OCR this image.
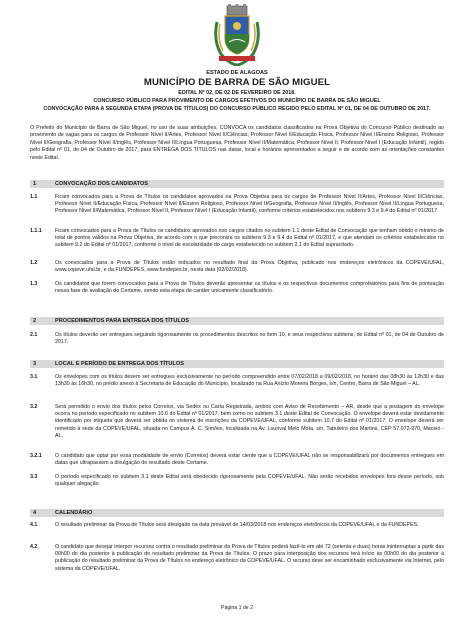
ESTADO DE ALAGOAS
MUNICÍPIO DE BARRA DE SÃO MIGUEL
EDITAL Nº 02, DE 02 DE FEVEREIRO DE 2018.
CONCURSO PÚBLICO PARA PROVIMENTO DE CARGOS EFETIVOS DO MUNICÍPIO DE BARRA DE SÃO MIGUEL
CONVOCAÇÃO PARA A SEGUNDA ETAPA (PROVA DE TÍTULOS) DO CONCURSO PÚBLICO REGIDO PELO EDITAL Nº 01, DE 04 DE OUTUBRO DE 2017.
O Prefeito do Município de Barra de São Miguel, no uso de suas atribuições, CONVOCA os candidatos classificados na Prova Objetiva do Concurso Público destinado ao provimento de vagas para os cargos de Professor Nível II/Artes, Professor Nível II/Ciências, Professor Nível II/Educação Física, Professor Nível II/Ensino Religioso, Professor Nível II/Geografia, Professor Nível II/Inglês, Professor Nível II/Língua Portuguesa, Professor Nível II/Matemática, Professor Nível II, Professor Nível I (Educação Infantil), regido pelo Edital nº 01, de 04 de Outubro de 2017, para ENTREGA DOS TÍTULOS nas datas, local e horários apresentados a seguir e de acordo com as orientações constantes neste Edital.
1	CONVOCAÇÃO DOS CANDIDATOS
1.1	Ficam convocados para a Prova de Títulos os candidatos aprovados na Prova Objetiva para os cargos de Professor Nível II/Artes, Professor Nível II/Ciências, Professor Nível II/Educação Física, Professor Nível II/Ensino Religioso, Professor Nível II/Geografia, Professor Nível II/Inglês, Professor Nível II/Língua Portuguesa, Professor Nível II/Matemática, Professor Nível II, Professor Nível I (Educação Infantil), conforme critérios estabelecidos nos subitens 9.3 e 9.4 do Edital nº 01/2017.
1.1.1	Ficam convocados para a Prova de Títulos os candidatos aprovados nos cargos citados no subitem 1.1 deste Edital de Convocação que tenham obtido o mínimo de total de pontos válidos na Prova Objetiva, de acordo com o que preconiza os subitens 9.3 e 9.4 do Edital nº 01/2017, e que atendam os critérios estabelecidos no subitem 9.2 do Edital nº 01/2017, conforme o nível de escolaridade do cargo estabelecido no subitem 2.1 do Edital supracitado.
1.2	Os convocados para a Prova de Títulos estão indicados no resultado final da Prova Objetiva, publicado nos endereços eletrônicos da COPEVE/UFAL, www.copeve.ufal.br, e da FUNDEPES, www.fundepes.br, nesta data (02/02/2018).
1.3	Os candidatos que forem convocados para a Prova de Títulos deverão apresentar os títulos e os respectivos documentos comprobatórios para fins de pontuação nessa fase de avaliação do Certame, sendo esta etapa de caráter unicamente classificatório.
2	PROCEDIMENTOS PARA ENTREGA DOS TÍTULOS
2.1	Os títulos deverão ser entregues seguindo rigorosamente os procedimentos descritos no item 10, e seus respectivos subitens, do Edital nº 01, de 04 de Outubro de 2017.
3	LOCAL E PERÍODO DE ENTREGA DOS TÍTULOS
3.1	Os envelopes com os títulos devem ser entregues exclusivamente no período compreendido entre 07/02/2018 a 09/02/2018, no horário das 08h30 às 12h30 e das 13h30 às 16h30, no prédio anexo à Secretaria de Educação do Município, localizado na Rua Anízio Moreira Borges, s/n, Centro, Barra de São Miguel – AL.
3.2	Será permitido o envio dos títulos pelos Correios, via Sedex ou Carta Registrada, ambos com Aviso de Recebimento – AR, desde que a postagem do envelope ocorra no período especificado no subitem 10.6 do Edital nº 01/2017, bem como no subitem 3.1 deste Edital de Convocação. O envelope deverá estar devidamente identificado por etiqueta que deverá ser obtida no sistema de inscrições da COPEVE/UFAL, conforme subitem 10.7 do Edital nº 01/2017. O envelope deverá ser remetido à sede da COPEVE/UFAL, situada no Campus A. C. Simões, localizada na Av. Lourival Melo Mota, s/n, Tabuleiro dos Martins, CEP 57.072-970, Maceió - AL.
3.2.1	O candidato que optar por essa modalidade de envio (Correios) deverá estar ciente que a COPEVE/UFAL não se responsabilizará por documentos entregues em datas que ultrapassem a divulgação do resultado deste Certame.
3.3	O período especificado no subitem 3.1 deste Edital será obedecido rigorosamente pela COPEVE/UFAL. Não serão recebidos envelopes fora desse período, sob qualquer alegação.
4	CALENDÁRIO
4.1	O resultado preliminar da Prova de Títulos será divulgado na data provável de 14/03/2018 nos endereços eletrônicos da COPEVE/UFAL e da FUNDEPES.
4.2	O candidato que desejar interpor recursos contra o resultado preliminar da Prova de Títulos poderá fazê-lo em até 72 (setenta e duas) horas ininterruptas a partir das 00h00 do dia posterior à publicação do resultado preliminar da Prova de Títulos. O prazo para interposição dos recursos terá início às 00h00 do dia posterior à publicação do resultado preliminar da Prova de Títulos no endereço eletrônico da COPEVE/UFAL. O recurso deve ser encaminhado exclusivamente via Internet, pelo sistema da COPEVE/UFAL.
Página 1 de 2
